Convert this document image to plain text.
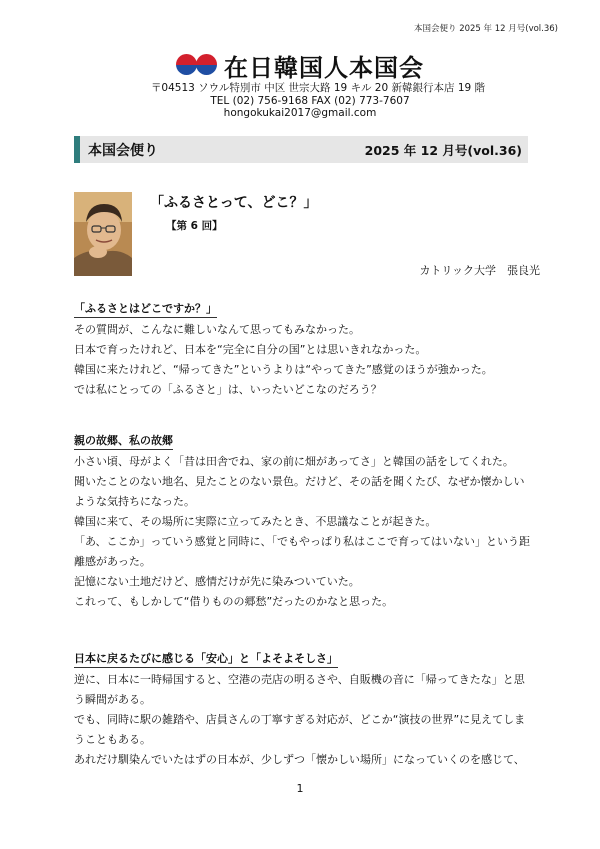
本国会便り 2025 年 12 月号(vol.36)
在日韓国人本国会
〒04513 ソウル特別市 中区 世宗大路 19 キル 20 新韓銀行本店 19 階
TEL (02) 756-9168 FAX (02) 773-7607
hongokukai2017@gmail.com
本国会便り	2025 年 12 月号(vol.36)
「ふるさとって、どこ？」
【第 6 回】
カトリック大学　張良光
「ふるさとはどこですか？」
その質問が、こんなに難しいなんて思ってもみなかった。
日本で育ったけれど、日本を“完全に自分の国”とは思いきれなかった。
韓国に来たけれど、“帰ってきた”というよりは“やってきた”感覚のほうが強かった。
では私にとっての「ふるさと」は、いったいどこなのだろう？
親の故郷、私の故郷
小さい頃、母がよく「昔は田舎でね、家の前に畑があってさ」と韓国の話をしてくれた。
聞いたことのない地名、見たことのない景色。だけど、その話を聞くたび、なぜか懐かしい
ような気持ちになった。
韓国に来て、その場所に実際に立ってみたとき、不思議なことが起きた。
「あ、ここか」っていう感覚と同時に、「でもやっぱり私はここで育ってはいない」という距
離感があった。
記憶にない土地だけど、感情だけが先に染みついていた。
これって、もしかして“借りものの郷愁”だったのかなと思った。
日本に戻るたびに感じる「安心」と「よそよそしさ」
逆に、日本に一時帰国すると、空港の売店の明るさや、自販機の音に「帰ってきたな」と思
う瞬間がある。
でも、同時に駅の雑踏や、店員さんの丁寧すぎる対応が、どこか“演技の世界”に見えてしま
うこともある。
あれだけ馴染んでいたはずの日本が、少しずつ「懐かしい場所」になっていくのを感じて、
1
